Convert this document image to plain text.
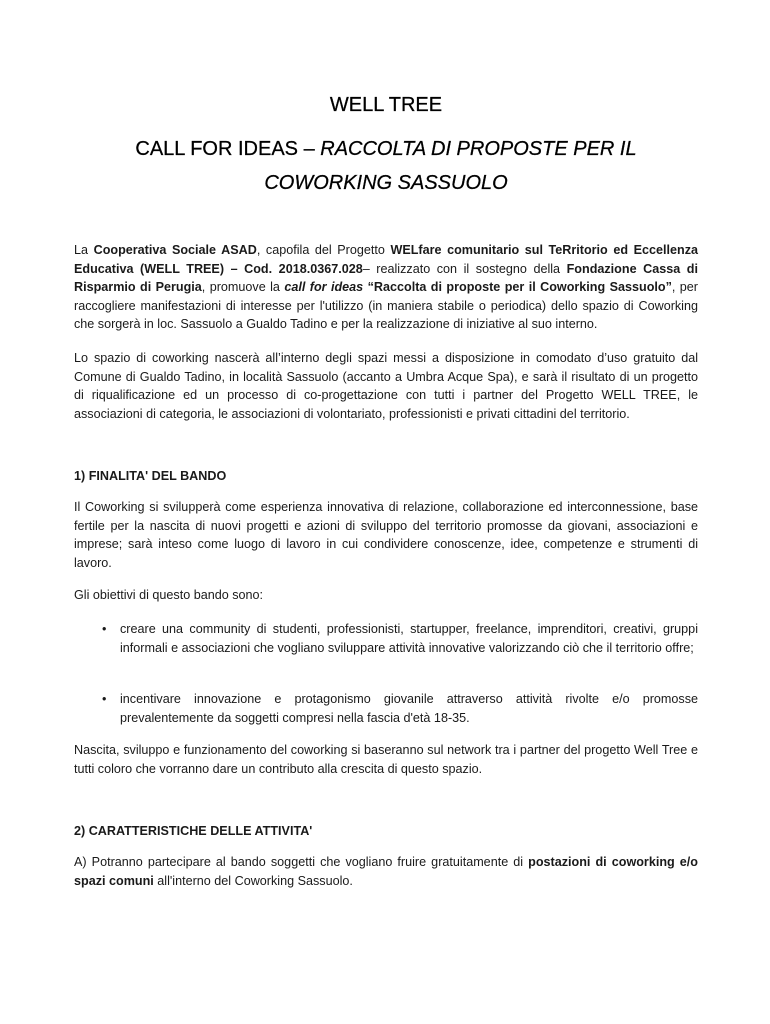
WELL TREE
CALL FOR IDEAS – RACCOLTA DI PROPOSTE PER IL
COWORKING SASSUOLO

La Cooperativa Sociale ASAD, capofila del Progetto WELfare comunitario sul TeRritorio ed Eccellenza Educativa (WELL TREE) – Cod. 2018.0367.028– realizzato con il sostegno della Fondazione Cassa di Risparmio di Perugia, promuove la call for ideas “Raccolta di proposte per il Coworking Sassuolo”, per raccogliere manifestazioni di interesse per l'utilizzo (in maniera stabile o periodica) dello spazio di Coworking che sorgerà in loc. Sassuolo a Gualdo Tadino e per la realizzazione di iniziative al suo interno.

Lo spazio di coworking nascerà all’interno degli spazi messi a disposizione in comodato d’uso gratuito dal Comune di Gualdo Tadino, in località Sassuolo (accanto a Umbra Acque Spa), e sarà il risultato di un progetto di riqualificazione ed un processo di co-progettazione con tutti i partner del Progetto WELL TREE, le associazioni di categoria, le associazioni di volontariato, professionisti e privati cittadini del territorio.

1) FINALITA' DEL BANDO

Il Coworking si svilupperà come esperienza innovativa di relazione, collaborazione ed interconnessione, base fertile per la nascita di nuovi progetti e azioni di sviluppo del territorio promosse da giovani, associazioni e imprese; sarà inteso come luogo di lavoro in cui condividere conoscenze, idee, competenze e strumenti di lavoro.

Gli obiettivi di questo bando sono:

• creare una community di studenti, professionisti, startupper, freelance, imprenditori, creativi, gruppi informali e associazioni che vogliano sviluppare attività innovative valorizzando ciò che il territorio offre;
• incentivare innovazione e protagonismo giovanile attraverso attività rivolte e/o promosse prevalentemente da soggetti compresi nella fascia d'età 18-35.

Nascita, sviluppo e funzionamento del coworking si baseranno sul network tra i partner del progetto Well Tree e tutti coloro che vorranno dare un contributo alla crescita di questo spazio.

2) CARATTERISTICHE DELLE ATTIVITA'

A) Potranno partecipare al bando soggetti che vogliano fruire gratuitamente di postazioni di coworking e/o spazi comuni all'interno del Coworking Sassuolo.
